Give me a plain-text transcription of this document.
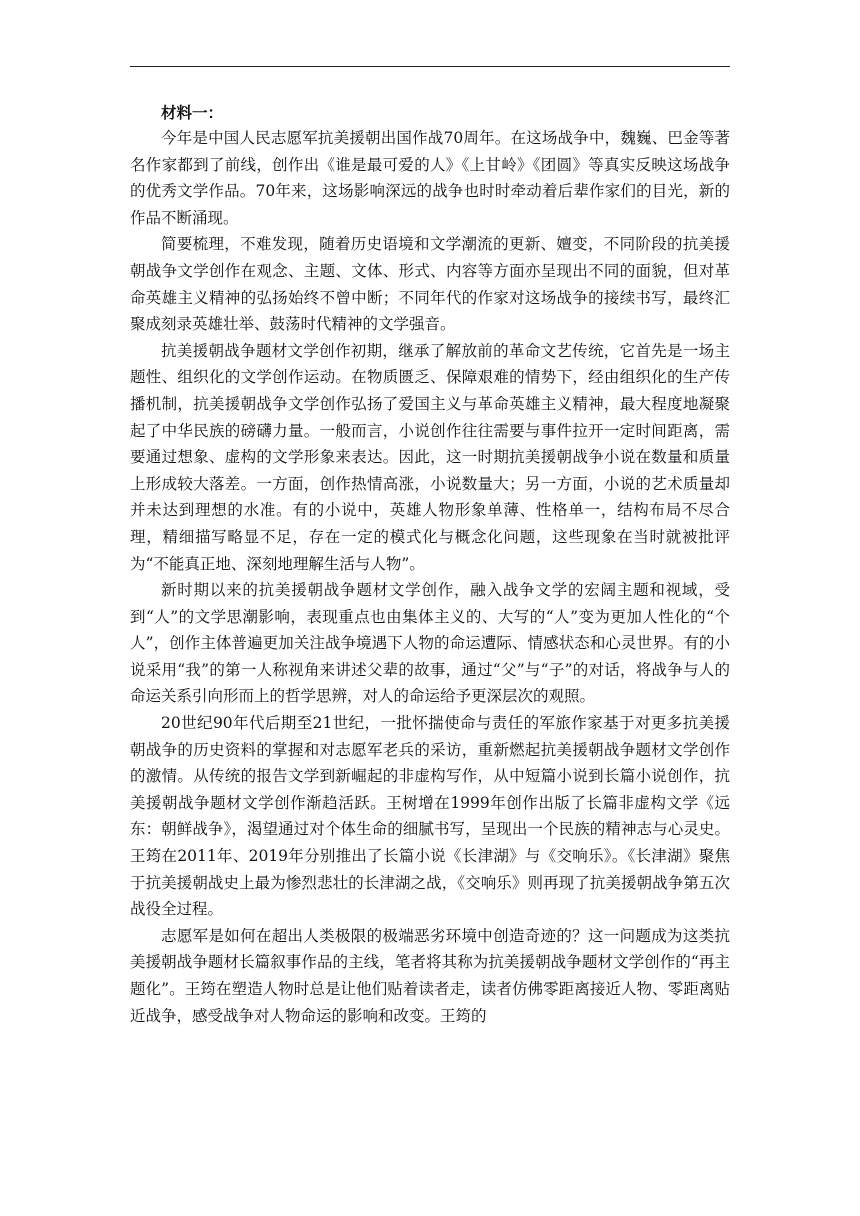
材料一：

今年是中国人民志愿军抗美援朝出国作战70周年。在这场战争中，魏巍、巴金等著名作家都到了前线，创作出《谁是最可爱的人》《上甘岭》《团圆》等真实反映这场战争的优秀文学作品。70年来，这场影响深远的战争也时时牵动着后辈作家们的目光，新的作品不断涌现。

简要梳理，不难发现，随着历史语境和文学潮流的更新、嬗变，不同阶段的抗美援朝战争文学创作在观念、主题、文体、形式、内容等方面亦呈现出不同的面貌，但对革命英雄主义精神的弘扬始终不曾中断；不同年代的作家对这场战争的接续书写，最终汇聚成刻录英雄壮举、鼓荡时代精神的文学强音。

抗美援朝战争题材文学创作初期，继承了解放前的革命文艺传统，它首先是一场主题性、组织化的文学创作运动。在物质匮乏、保障艰难的情势下，经由组织化的生产传播机制，抗美援朝战争文学创作弘扬了爱国主义与革命英雄主义精神，最大程度地凝聚起了中华民族的磅礴力量。一般而言，小说创作往往需要与事件拉开一定时间距离，需要通过想象、虚构的文学形象来表达。因此，这一时期抗美援朝战争小说在数量和质量上形成较大落差。一方面，创作热情高涨，小说数量大；另一方面，小说的艺术质量却并未达到理想的水准。有的小说中，英雄人物形象单薄、性格单一，结构布局不尽合理，精细描写略显不足，存在一定的模式化与概念化问题，这些现象在当时就被批评为“不能真正地、深刻地理解生活与人物”。

新时期以来的抗美援朝战争题材文学创作，融入战争文学的宏阔主题和视域，受到“人”的文学思潮影响，表现重点也由集体主义的、大写的“人”变为更加人性化的“个人”，创作主体普遍更加关注战争境遇下人物的命运遭际、情感状态和心灵世界。有的小说采用“我”的第一人称视角来讲述父辈的故事，通过“父”与“子”的对话，将战争与人的命运关系引向形而上的哲学思辨，对人的命运给予更深层次的观照。

20世纪90年代后期至21世纪，一批怀揣使命与责任的军旅作家基于对更多抗美援朝战争的历史资料的掌握和对志愿军老兵的采访，重新燃起抗美援朝战争题材文学创作的激情。从传统的报告文学到新崛起的非虚构写作，从中短篇小说到长篇小说创作，抗美援朝战争题材文学创作渐趋活跃。王树增在1999年创作出版了长篇非虚构文学《远东：朝鲜战争》，渴望通过对个体生命的细腻书写，呈现出一个民族的精神志与心灵史。王筠在2011年、2019年分别推出了长篇小说《长津湖》与《交响乐》。《长津湖》聚焦于抗美援朝战史上最为惨烈悲壮的长津湖之战，《交响乐》则再现了抗美援朝战争第五次战役全过程。

志愿军是如何在超出人类极限的极端恶劣环境中创造奇迹的？这一问题成为这类抗美援朝战争题材长篇叙事作品的主线，笔者将其称为抗美援朝战争题材文学创作的“再主题化”。王筠在塑造人物时总是让他们贴着读者走，读者仿佛零距离接近人物、零距离贴近战争，感受战争对人物命运的影响和改变。王筠的
